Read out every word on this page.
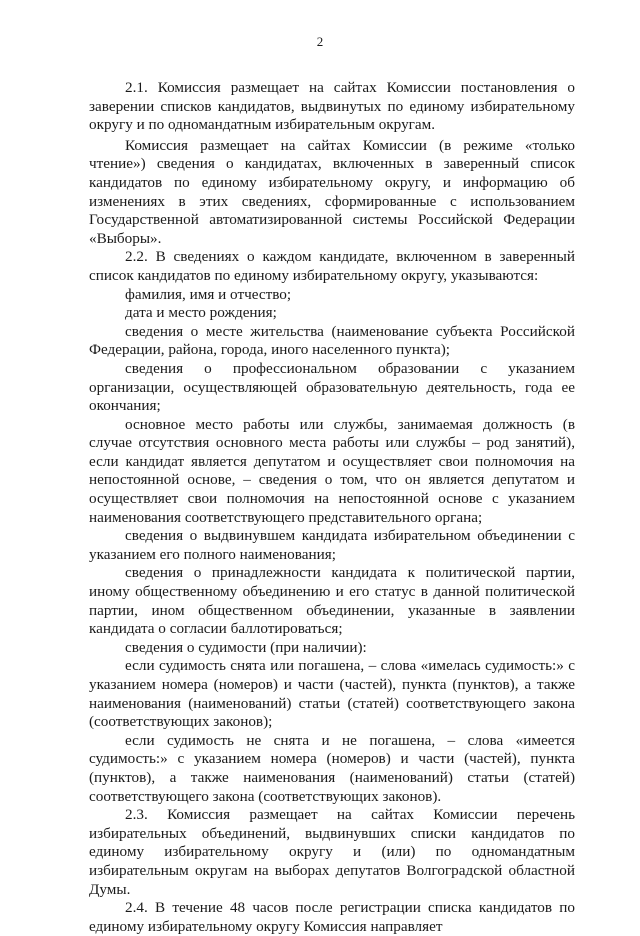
2

2.1. Комиссия размещает на сайтах Комиссии постановления о заверении списков кандидатов, выдвинутых по единому избирательному округу и по одномандатным избирательным округам.

Комиссия размещает на сайтах Комиссии (в режиме «только чтение») сведения о кандидатах, включенных в заверенный список кандидатов по единому избирательному округу, и информацию об изменениях в этих сведениях, сформированные с использованием Государственной автоматизированной системы Российской Федерации «Выборы».

2.2. В сведениях о каждом кандидате, включенном в заверенный список кандидатов по единому избирательному округу, указываются:

фамилия, имя и отчество;

дата и место рождения;

сведения о месте жительства (наименование субъекта Российской Федерации, района, города, иного населенного пункта);

сведения о профессиональном образовании с указанием организации, осуществляющей образовательную деятельность, года ее окончания;

основное место работы или службы, занимаемая должность (в случае отсутствия основного места работы или службы – род занятий), если кандидат является депутатом и осуществляет свои полномочия на непостоянной основе, – сведения о том, что он является депутатом и осуществляет свои полномочия на непостоянной основе с указанием наименования соответствующего представительного органа;

сведения о выдвинувшем кандидата избирательном объединении с указанием его полного наименования;

сведения о принадлежности кандидата к политической партии, иному общественному объединению и его статус в данной политической партии, ином общественном объединении, указанные в заявлении кандидата о согласии баллотироваться;

сведения о судимости (при наличии):

если судимость снята или погашена, – слова «имелась судимость:» с указанием номера (номеров) и части (частей), пункта (пунктов), а также наименования (наименований) статьи (статей) соответствующего закона (соответствующих законов);

если судимость не снята и не погашена, – слова «имеется судимость:» с указанием номера (номеров) и части (частей), пункта (пунктов), а также наименования (наименований) статьи (статей) соответствующего закона (соответствующих законов).

2.3. Комиссия размещает на сайтах Комиссии перечень избирательных объединений, выдвинувших списки кандидатов по единому избирательному округу и (или) по одномандатным избирательным округам на выборах депутатов Волгоградской областной Думы.

2.4. В течение 48 часов после регистрации списка кандидатов по единому избирательному округу Комиссия направляет
